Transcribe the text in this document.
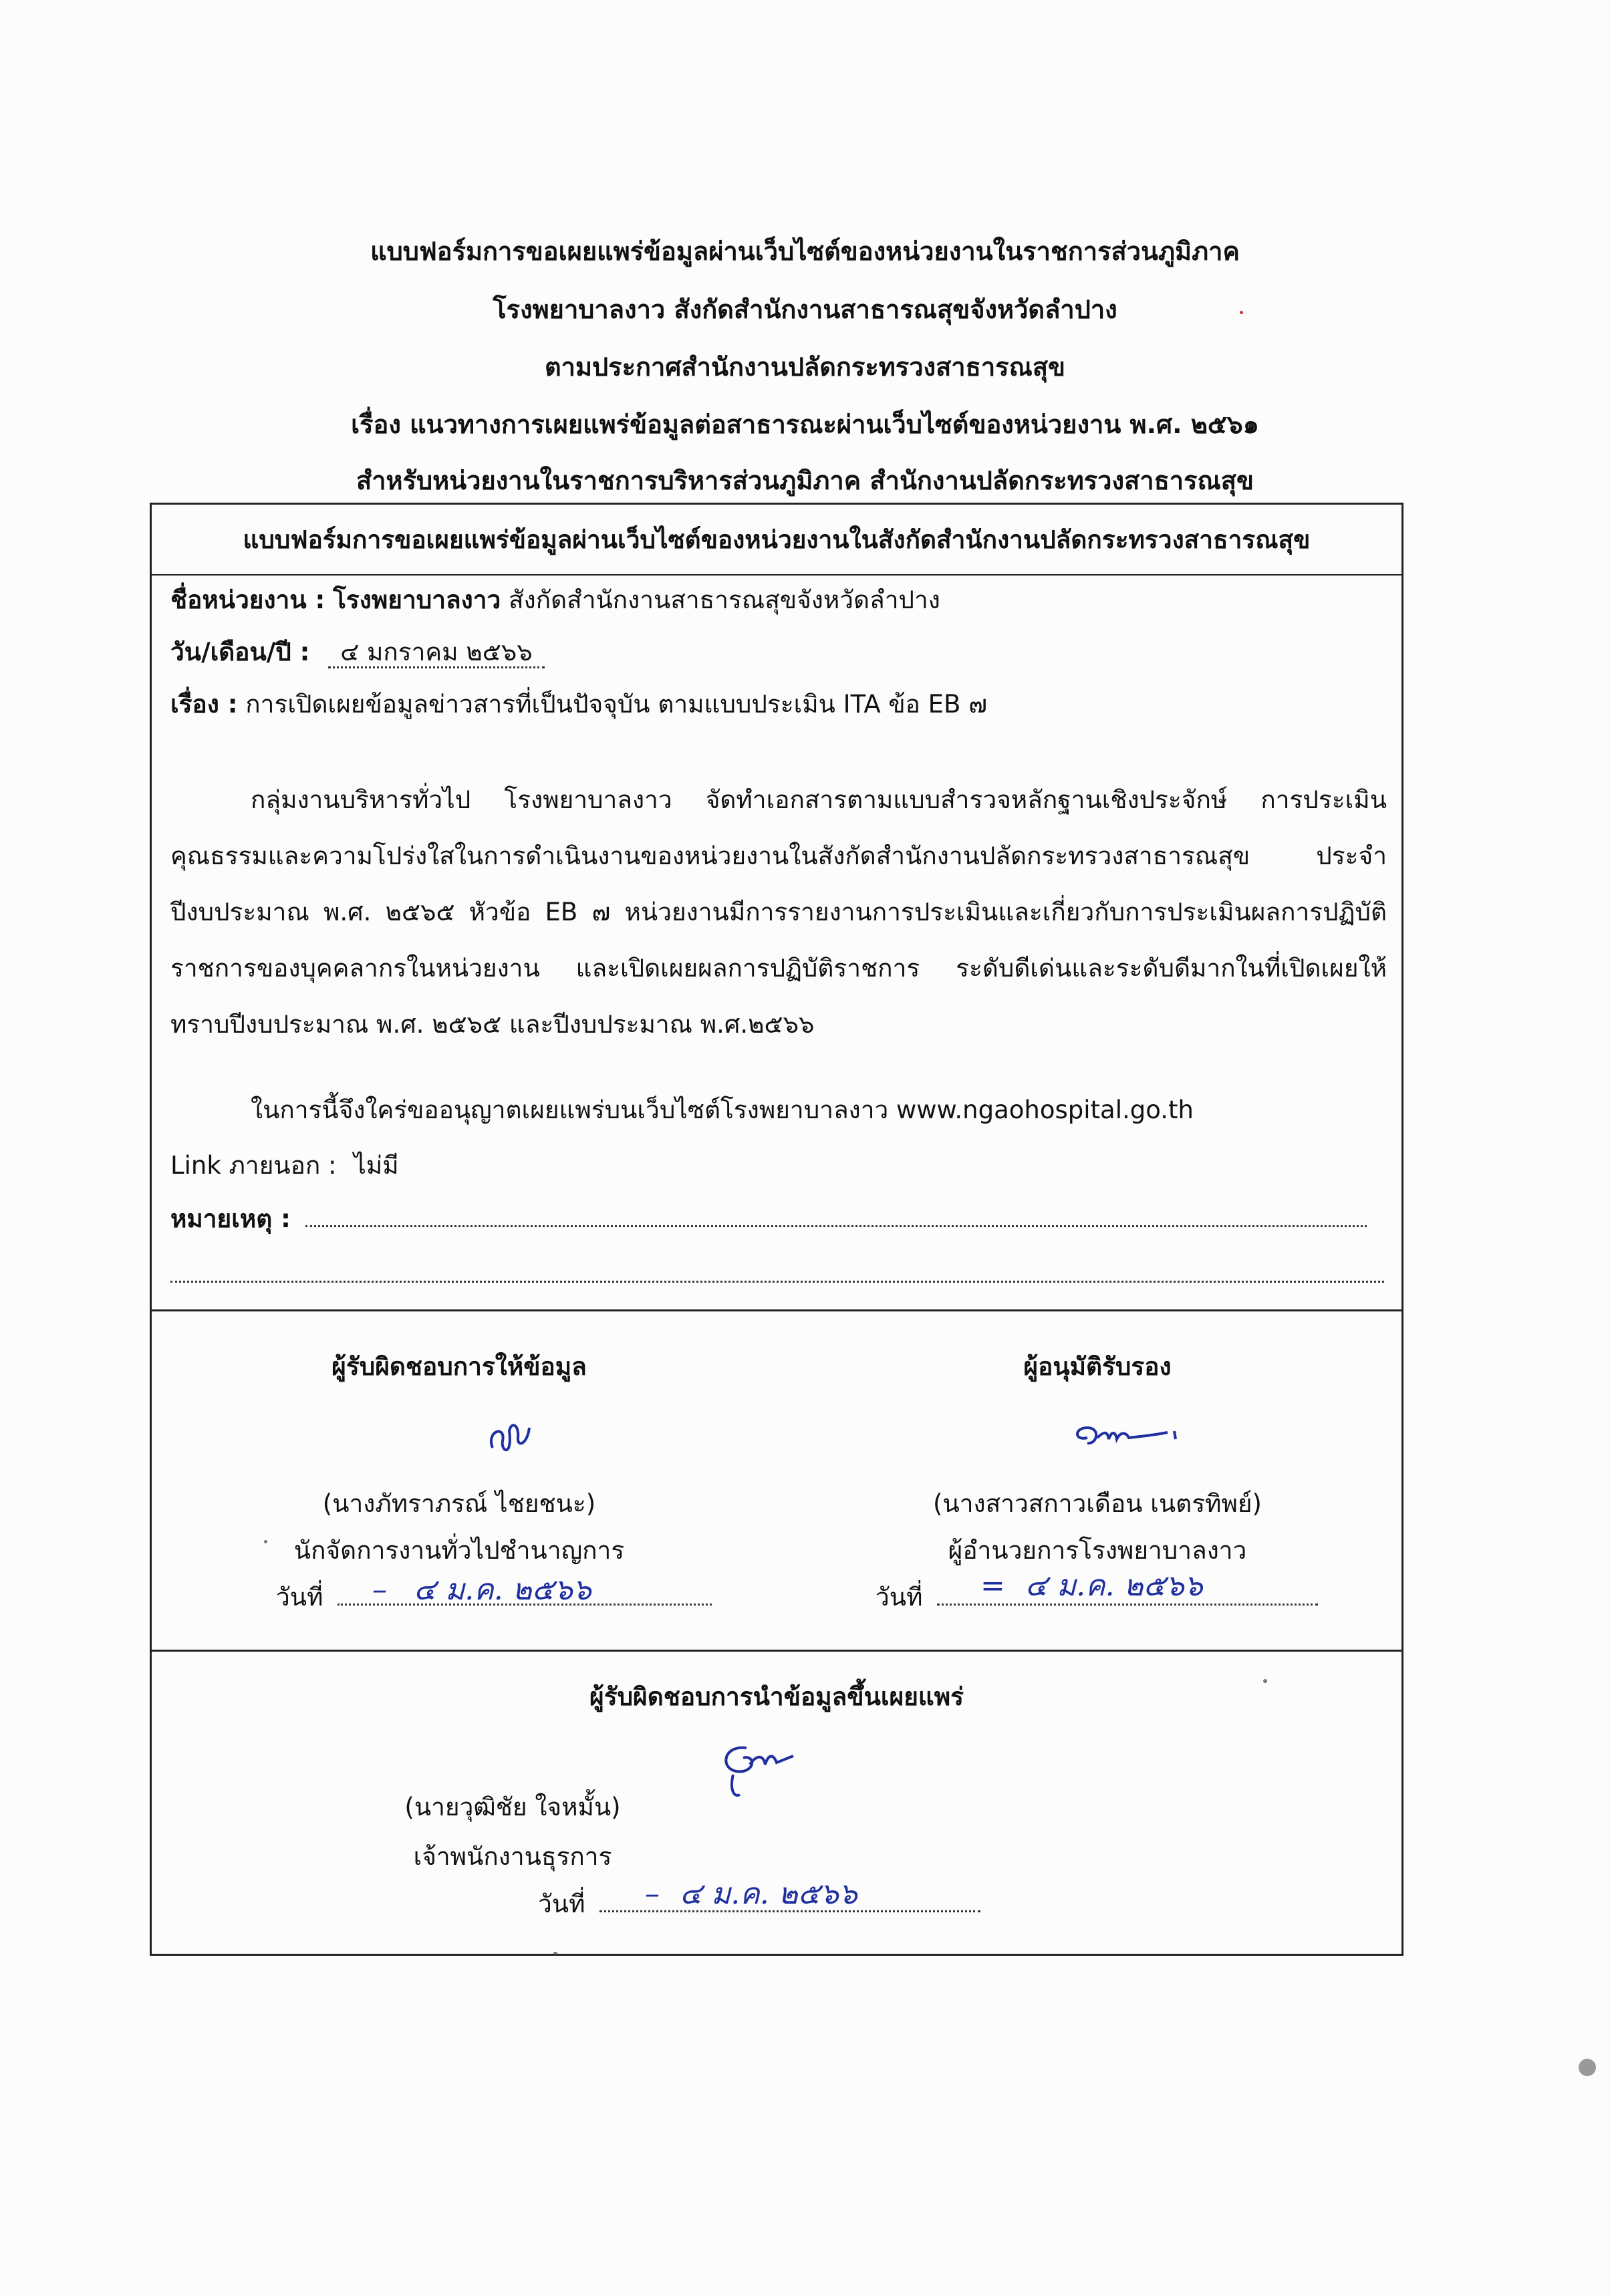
แบบฟอร์มการขอเผยแพร่ข้อมูลผ่านเว็บไซต์ของหน่วยงานในราชการส่วนภูมิภาค
โรงพยาบาลงาว สังกัดสำนักงานสาธารณสุขจังหวัดลำปาง
ตามประกาศสำนักงานปลัดกระทรวงสาธารณสุข
เรื่อง แนวทางการเผยแพร่ข้อมูลต่อสาธารณะผ่านเว็บไซต์ของหน่วยงาน พ.ศ. ๒๕๖๑
สำหรับหน่วยงานในราชการบริหารส่วนภูมิภาค สำนักงานปลัดกระทรวงสาธารณสุข
แบบฟอร์มการขอเผยแพร่ข้อมูลผ่านเว็บไซต์ของหน่วยงานในสังกัดสำนักงานปลัดกระทรวงสาธารณสุข
ชื่อหน่วยงาน : โรงพยาบาลงาว สังกัดสำนักงานสาธารณสุขจังหวัดลำปาง
วัน/เดือน/ปี : ๔ มกราคม ๒๕๖๖
เรื่อง : การเปิดเผยข้อมูลข่าวสารที่เป็นปัจจุบัน ตามแบบประเมิน ITA ข้อ EB ๗

กลุ่มงานบริหารทั่วไป โรงพยาบาลงาว จัดทำเอกสารตามแบบสำรวจหลักฐานเชิงประจักษ์ การประเมินคุณธรรมและความโปร่งใสในการดำเนินงานของหน่วยงานในสังกัดสำนักงานปลัดกระทรวงสาธารณสุข ประจำปีงบประมาณ พ.ศ. ๒๕๖๕ หัวข้อ EB ๗ หน่วยงานมีการรายงานการประเมินและเกี่ยวกับการประเมินผลการปฏิบัติราชการของบุคคลากรในหน่วยงาน และเปิดเผยผลการปฏิบัติราชการ ระดับดีเด่นและระดับดีมากในที่เปิดเผยให้ทราบปีงบประมาณ พ.ศ. ๒๕๖๕ และปีงบประมาณ พ.ศ.๒๕๖๖

ในการนี้จึงใคร่ขออนุญาตเผยแพร่บนเว็บไซต์โรงพยาบาลงาว www.ngaohospital.go.th
Link ภายนอก : ไม่มี
หมายเหตุ :
ผู้รับผิดชอบการให้ข้อมูล
(นางภัทราภรณ์ ไชยชนะ)
นักจัดการงานทั่วไปชำนาญการ
วันที่	– ๔ ม.ค. ๒๕๖๖
ผู้อนุมัติรับรอง
(นางสาวสกาวเดือน เนตรทิพย์)
ผู้อำนวยการโรงพยาบาลงาว
วันที่	= ๔ ม.ค. ๒๕๖๖
ผู้รับผิดชอบการนำข้อมูลขึ้นเผยแพร่
(นายวุฒิชัย ใจหมั้น)
เจ้าพนักงานธุรการ
วันที่	– ๔ ม.ค. ๒๕๖๖
